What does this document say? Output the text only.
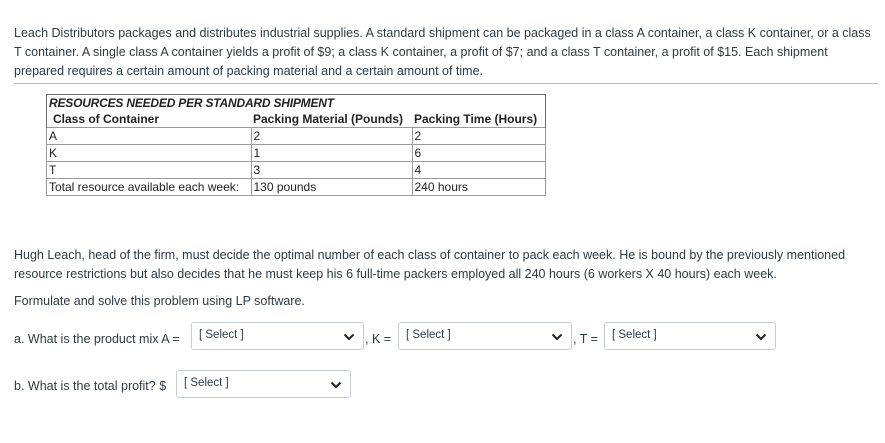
Leach Distributors packages and distributes industrial supplies. A standard shipment can be packaged in a class A container, a class K container, or a class T container. A single class A container yields a profit of $9; a class K container, a profit of $7; and a class T container, a profit of $15. Each shipment prepared requires a certain amount of packing material and a certain amount of time.

RESOURCES NEEDED PER STANDARD SHIPMENT		
Class of Container	Packing Material (Pounds)	Packing Time (Hours)
A	2	2
K	1	6
T	3	4
Total resource available each week:	130 pounds	240 hours

Hugh Leach, head of the firm, must decide the optimal number of each class of container to pack each week. He is bound by the previously mentioned resource restrictions but also decides that he must keep his 6 full-time packers employed all 240 hours (6 workers X 40 hours) each week.

Formulate and solve this problem using LP software.

a. What is the product mix A = [ Select ]	, K = [ Select ]	, T = [ Select ]
b. What is the total profit? $ [ Select ]
